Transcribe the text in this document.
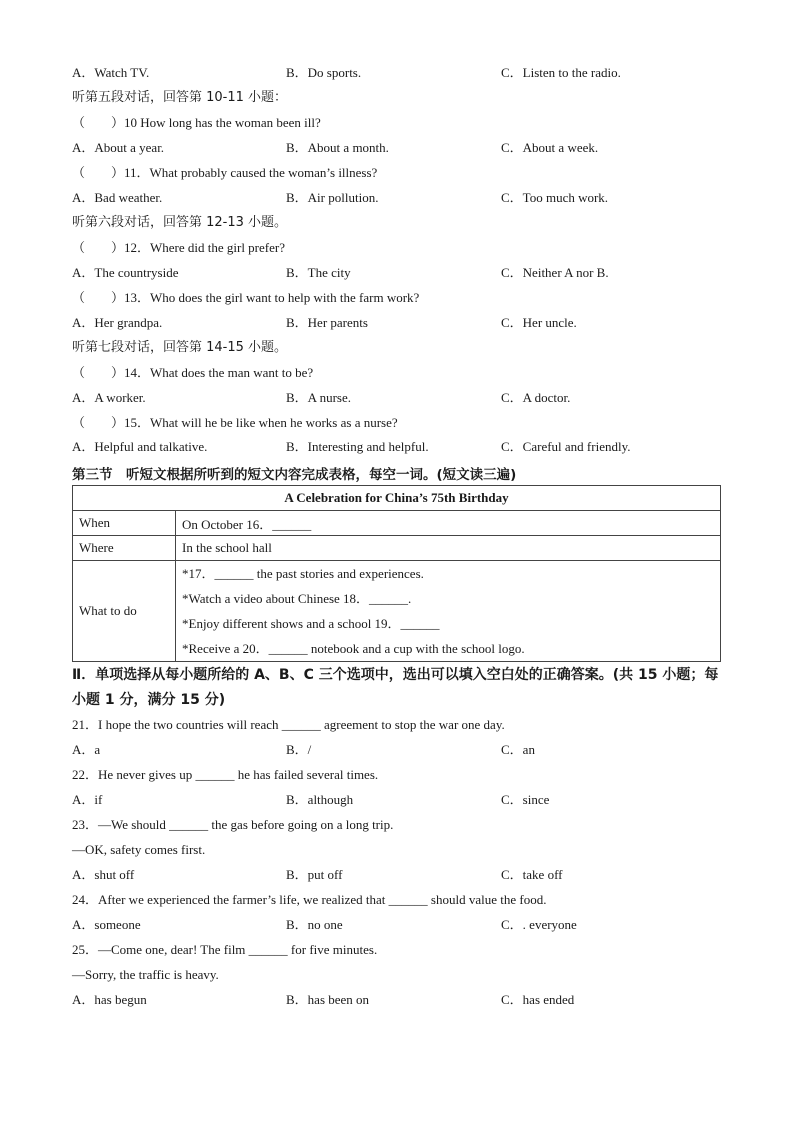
A．Watch TV.	B．Do sports.	C．Listen to the radio.
听第五段对话，回答第 10-11 小题：
（　　）10 How long has the woman been ill?
A．About a year.	B．About a month.	C．About a week.
（　　）11．What probably caused the woman’s illness?
A．Bad weather.	B．Air pollution.	C．Too much work.
听第六段对话，回答第 12-13 小题。
（　　）12．Where did the girl prefer?
A．The countryside	B．The city	C．Neither A nor B.
（　　）13．Who does the girl want to help with the farm work?
A．Her grandpa.	B．Her parents	C．Her uncle.
听第七段对话，回答第 14-15 小题。
（　　）14．What does the man want to be?
A．A worker.	B．A nurse.	C．A doctor.
（　　）15．What will he be like when he works as a nurse?
A．Helpful and talkative.	B．Interesting and helpful.	C．Careful and friendly.
第三节　听短文根据所听到的短文内容完成表格，每空一词。(短文读三遍)
A Celebration for China’s 75th Birthday	
When	On October 16．______
Where	In the school hall
What to do	*17．______ the past stories and experiences.
*Watch a video about Chinese 18．______.
*Enjoy different shows and a school 19．______
*Receive a 20．______ notebook and a cup with the school logo.
Ⅱ．单项选择从每小题所给的 A、B、C 三个选项中，选出可以填入空白处的正确答案。(共 15 小题；每小题 1 分，满分 15 分)
21．I hope the two countries will reach ______ agreement to stop the war one day.
A．a	B．/	C．an
22．He never gives up ______ he has failed several times.
A．if	B．although	C．since
23．—We should ______ the gas before going on a long trip.
—OK, safety comes first.
A．shut off	B．put off	C．take off
24．After we experienced the farmer’s life, we realized that ______ should value the food.
A．someone	B．no one	C．. everyone
25．—Come one, dear! The film ______ for five minutes.
—Sorry, the traffic is heavy.
A．has begun	B．has been on	C．has ended
